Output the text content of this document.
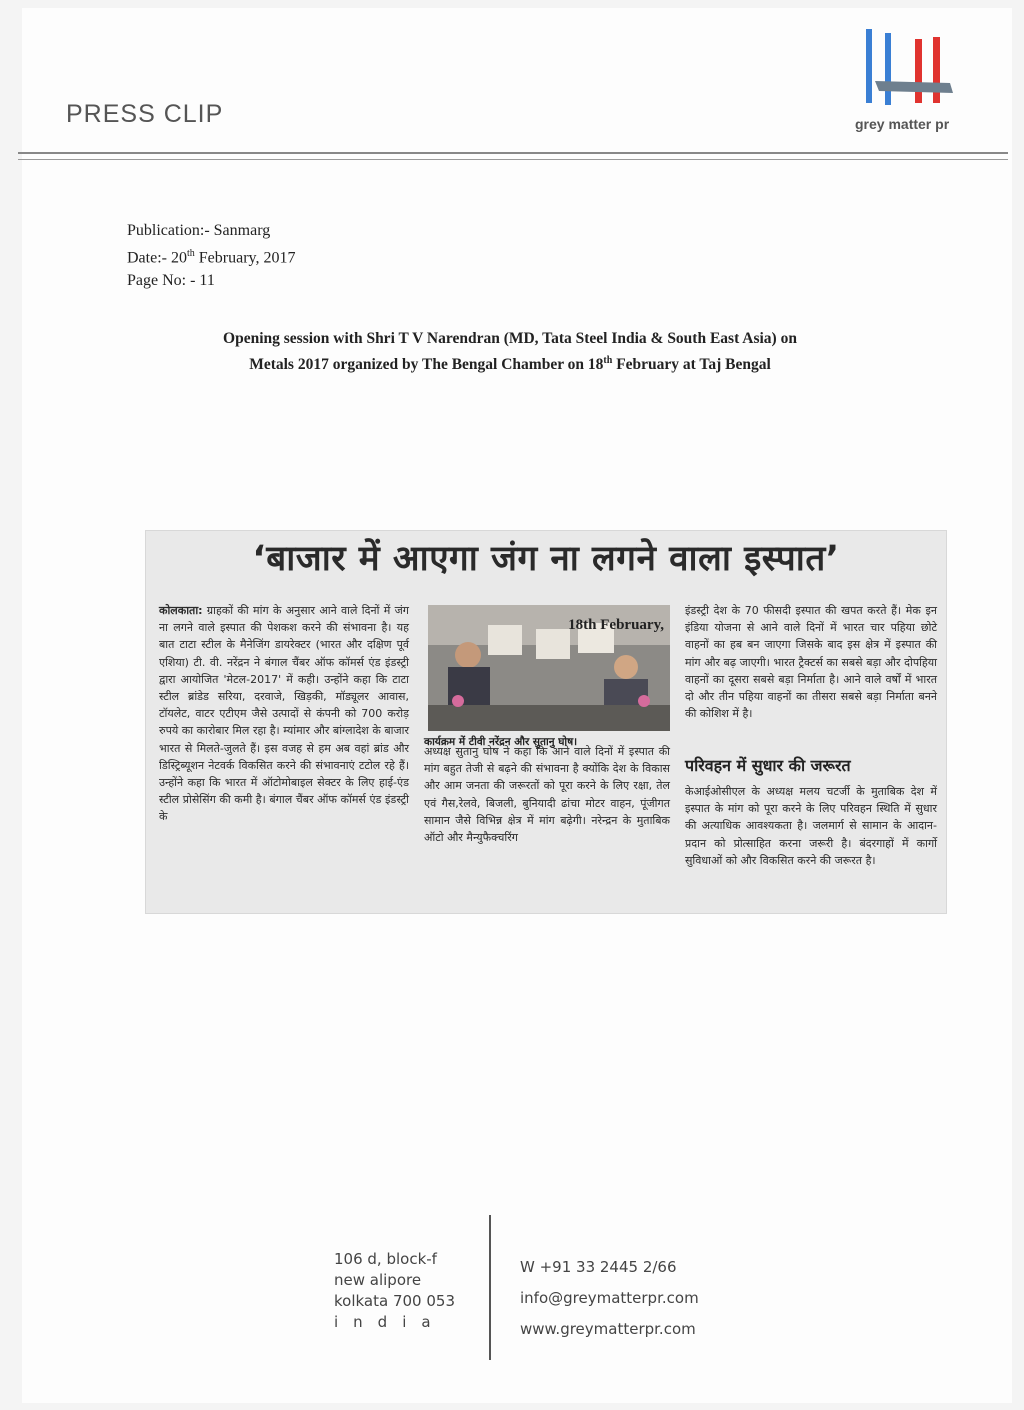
PRESS CLIP	grey matter pr
Publication:- Sanmarg
Date:- 20th February, 2017
Page No: - 11
Opening session with Shri T V Narendran (MD, Tata Steel India & South East Asia) on
Metals 2017 organized by The Bengal Chamber on 18th February at Taj Bengal
‘बाजार में आएगा जंग ना लगने वाला इस्पात’
कोलकाता: ग्राहकों की मांग के अनुसार आने वाले दिनों में जंग ना लगने वाले इस्पात की पेशकश करने की संभावना है। यह बात टाटा स्टील के मैनेजिंग डायरेक्टर (भारत और दक्षिण पूर्व एशिया) टी. वी. नरेंद्रन ने बंगाल चैंबर ऑफ कॉमर्स एंड इंडस्ट्री द्वारा आयोजित 'मेटल-2017' में कही। उन्होंने कहा कि टाटा स्टील ब्रांडेड सरिया, दरवाजे, खिड़की, मॉड्यूलर आवास, टॉयलेट, वाटर एटीएम जैसे उत्पादों से कंपनी को 700 करोड़ रुपये का कारोबार मिल रहा है। म्यांमार और बांग्लादेश के बाजार भारत से मिलते-जुलते हैं। इस वजह से हम अब वहां ब्रांड और डिस्ट्रिब्यूशन नेटवर्क विकसित करने की संभावनाएं टटोल रहे हैं। उन्होंने कहा कि भारत में ऑटोमोबाइल सेक्टर के लिए हाई-एंड स्टील प्रोसेसिंग की कमी है। बंगाल चैंबर ऑफ कॉमर्स एंड इंडस्ट्री के
18th February,
कार्यक्रम में टीवी नरेंद्रन और सुतानु घोष।
अध्यक्ष सुतानु घोष ने कहा कि आने वाले दिनों में इस्पात की मांग बहुत तेजी से बढ़ने की संभावना है क्योंकि देश के विकास और आम जनता की जरूरतों को पूरा करने के लिए रक्षा, तेल एवं गैस,रेलवे, बिजली, बुनियादी ढांचा मोटर वाहन, पूंजीगत सामान जैसे विभिन्न क्षेत्र में मांग बढ़ेगी। नरेन्द्रन के मुताबिक ऑटो और मैन्युफैक्चरिंग
इंडस्ट्री देश के 70 फीसदी इस्पात की खपत करते हैं। मेक इन इंडिया योजना से आने वाले दिनों में भारत चार पहिया छोटे वाहनों का हब बन जाएगा जिसके बाद इस क्षेत्र में इस्पात की मांग और बढ़ जाएगी। भारत ट्रैक्टर्स का सबसे बड़ा और दोपहिया वाहनों का दूसरा सबसे बड़ा निर्माता है। आने वाले वर्षों में भारत दो और तीन पहिया वाहनों का तीसरा सबसे बड़ा निर्माता बनने की कोशिश में है।
परिवहन में सुधार की जरूरत
केआईओसीएल के अध्यक्ष मलय चटर्जी के मुताबिक देश में इस्पात के मांग को पूरा करने के लिए परिवहन स्थिति में सुधार की अत्याधिक आवश्यकता है। जलमार्ग से सामान के आदान-प्रदान को प्रोत्साहित करना जरूरी है। बंदरगाहों में कार्गो सुविधाओं को और विकसित करने की जरूरत है।
106 d, block-f
new alipore
kolkata 700 053
india
W +91 33 2445 2/66
info@greymatterpr.com
www.greymatterpr.com
